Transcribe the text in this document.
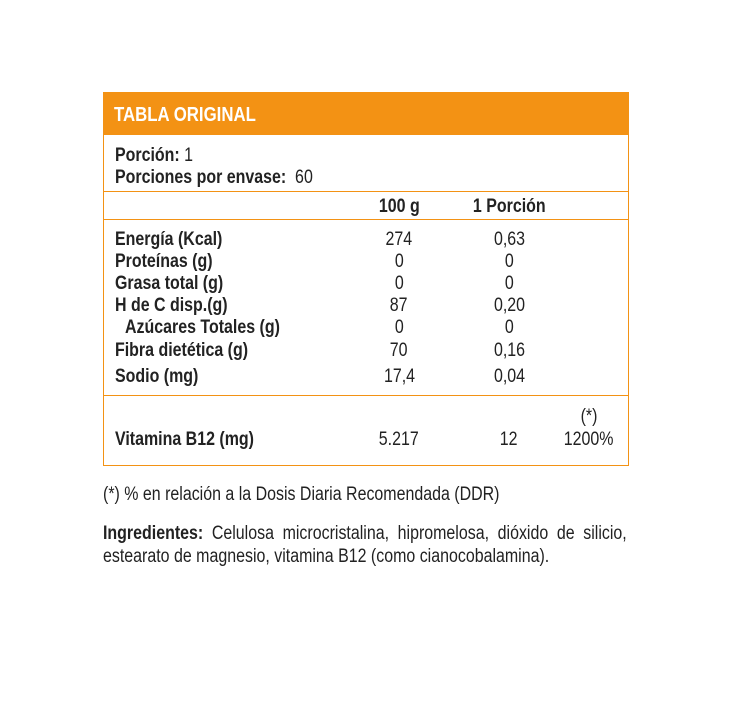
TABLA ORIGINAL
Porción: 1
Porciones por envase: 60
100 g	1 Porción
Energía (Kcal)	274	0,63
Proteínas (g)	0	0
Grasa total (g)	0	0
H de C disp.(g)	87	0,20
Azúcares Totales (g)	0	0
Fibra dietética (g)	70	0,16
Sodio (mg)	17,4	0,04
(*)
Vitamina B12 (mg)	5.217	12	1200%
(*) % en relación a la Dosis Diaria Recomendada (DDR)
Ingredientes: Celulosa microcristalina, hipromelosa, dióxido de silicio,
estearato de magnesio, vitamina B12 (como cianocobalamina).
